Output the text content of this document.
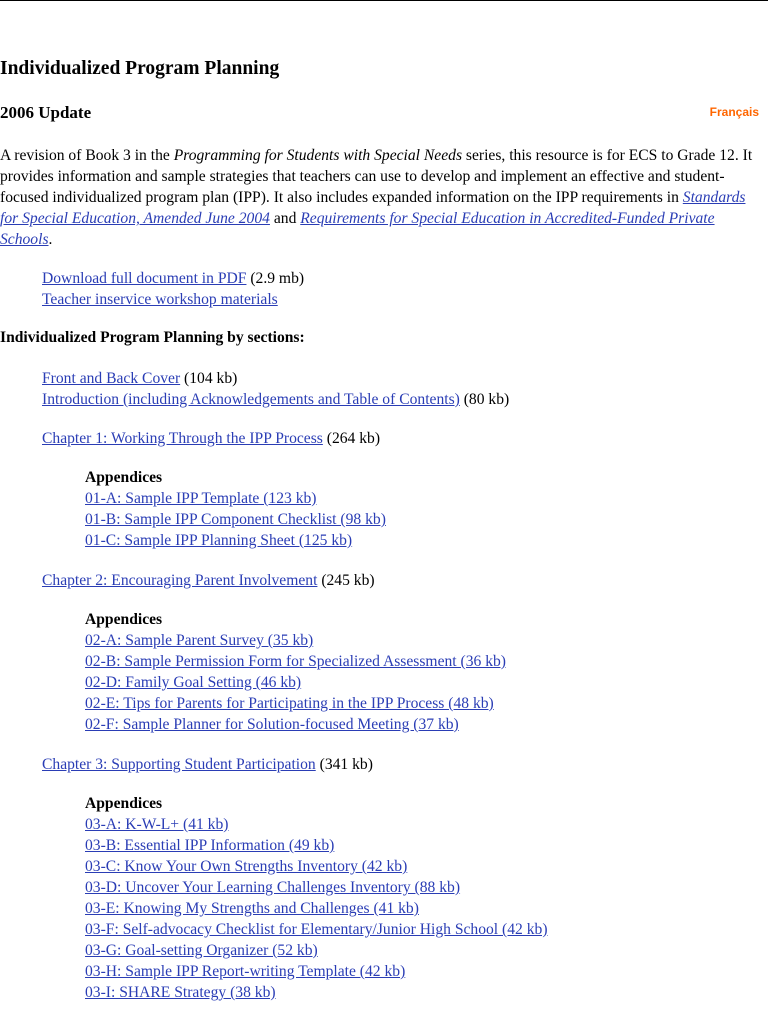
Individualized Program Planning
2006 Update	Français

A revision of Book 3 in the Programming for Students with Special Needs series, this resource is for ECS to Grade 12. It provides information and sample strategies that teachers can use to develop and implement an effective and student-focused individualized program plan (IPP). It also includes expanded information on the IPP requirements in Standards for Special Education, Amended June 2004 and Requirements for Special Education in Accredited-Funded Private Schools.

Download full document in PDF (2.9 mb)
Teacher inservice workshop materials
Individualized Program Planning by sections:
Front and Back Cover (104 kb)
Introduction (including Acknowledgements and Table of Contents) (80 kb)
Chapter 1: Working Through the IPP Process (264 kb)
Appendices
01-A: Sample IPP Template (123 kb)
01-B: Sample IPP Component Checklist (98 kb)
01-C: Sample IPP Planning Sheet (125 kb)
Chapter 2: Encouraging Parent Involvement (245 kb)
Appendices
02-A: Sample Parent Survey (35 kb)
02-B: Sample Permission Form for Specialized Assessment (36 kb)
02-D: Family Goal Setting (46 kb)
02-E: Tips for Parents for Participating in the IPP Process (48 kb)
02-F: Sample Planner for Solution-focused Meeting (37 kb)
Chapter 3: Supporting Student Participation (341 kb)
Appendices
03-A: K-W-L+ (41 kb)
03-B: Essential IPP Information (49 kb)
03-C: Know Your Own Strengths Inventory (42 kb)
03-D: Uncover Your Learning Challenges Inventory (88 kb)
03-E: Knowing My Strengths and Challenges (41 kb)
03-F: Self-advocacy Checklist for Elementary/Junior High School (42 kb)
03-G: Goal-setting Organizer (52 kb)
03-H: Sample IPP Report-writing Template (42 kb)
03-I: SHARE Strategy (38 kb)
